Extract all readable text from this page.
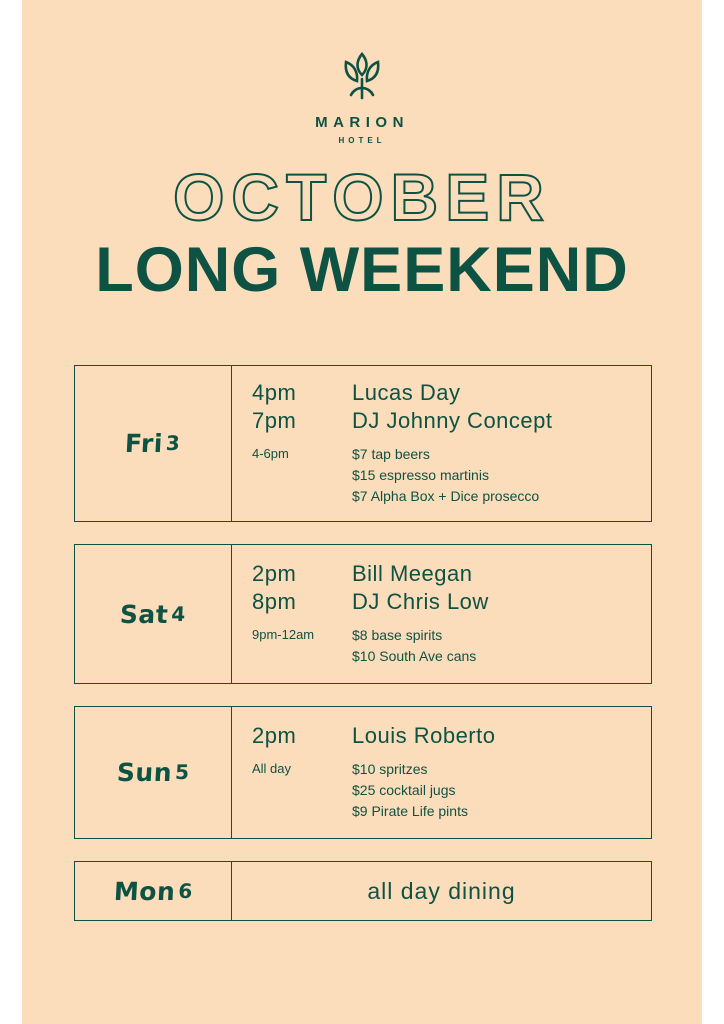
MARION
HOTEL
OCTOBER
LONG WEEKEND
Fri3
4pm	Lucas Day
7pm	DJ Johnny Concept
4-6pm	$7 tap beers
$15 espresso martinis
$7 Alpha Box + Dice prosecco
Sat4
2pm	Bill Meegan
8pm	DJ Chris Low
9pm-12am	$8 base spirits
$10 South Ave cans
Sun5
2pm	Louis Roberto
All day	$10 spritzes
$25 cocktail jugs
$9 Pirate Life pints
Mon6	all day dining
